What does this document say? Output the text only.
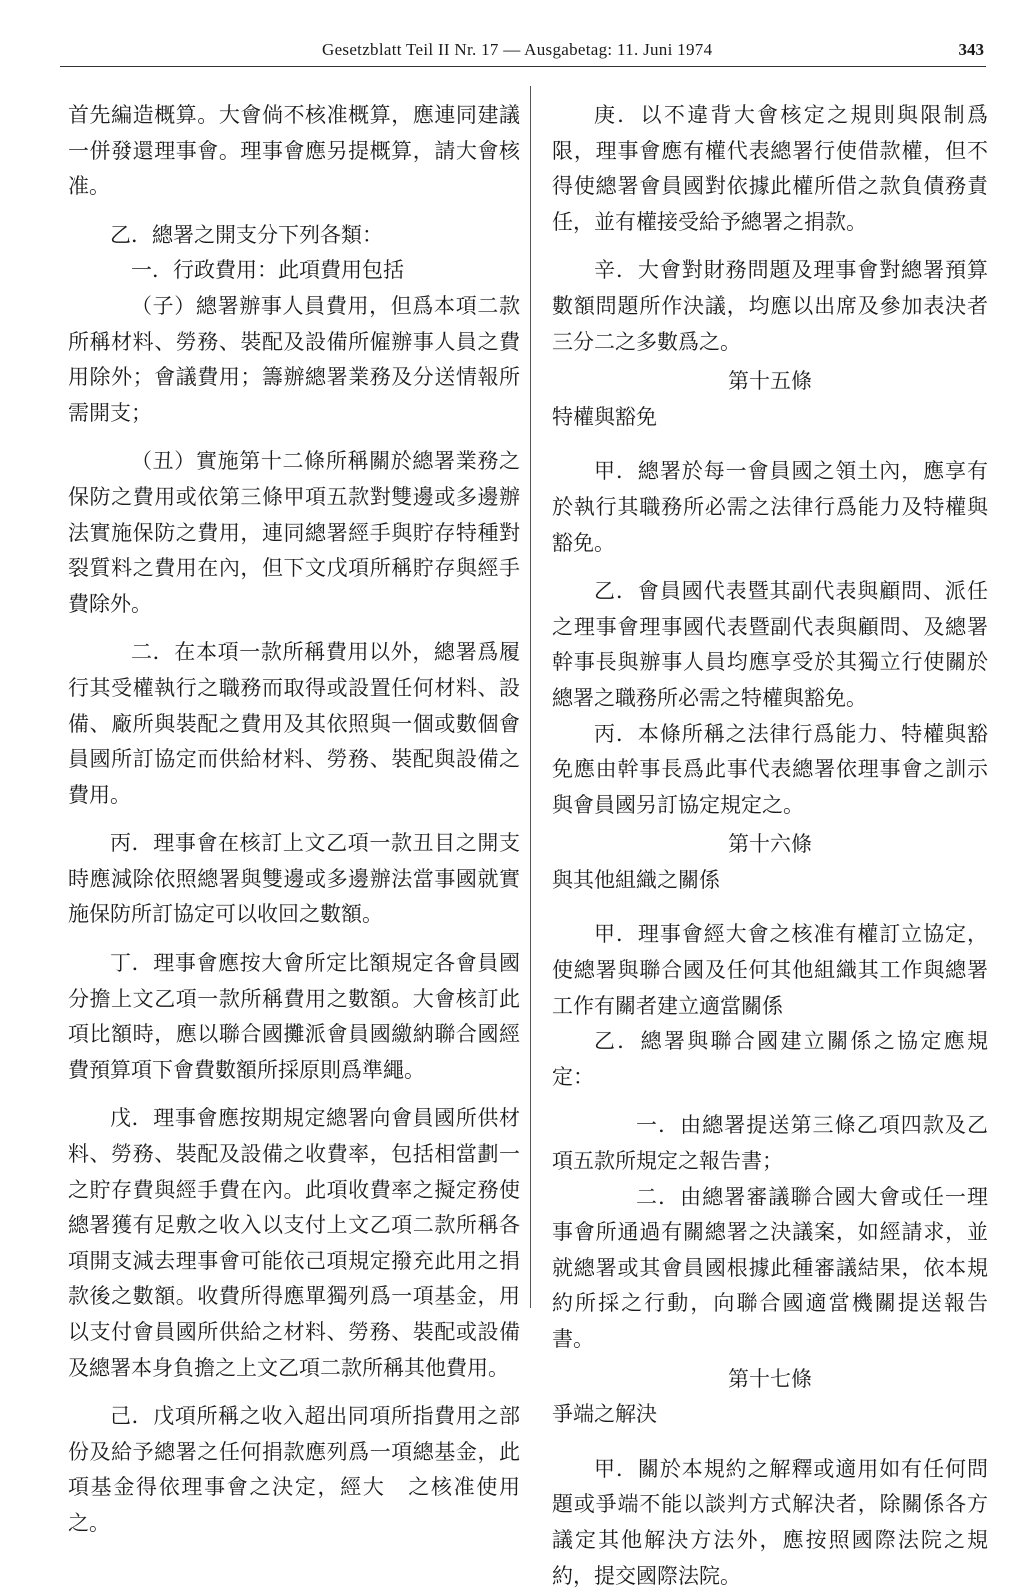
Gesetzblatt Teil II Nr. 17 — Ausgabetag: 11. Juni 1974	343

首先編造概算。大會倘不核准概算，應連同建議一併發還理事會。理事會應另提概算，請大會核准。

乙．總署之開支分下列各類：

一．行政費用：此項費用包括

（子）總署辦事人員費用，但爲本項二款所稱材料、勞務、裝配及設備所僱辦事人員之費用除外；會議費用；籌辦總署業務及分送情報所需開支；

（丑）實施第十二條所稱關於總署業務之保防之費用或依第三條甲項五款對雙邊或多邊辦法實施保防之費用，連同總署經手與貯存特種對裂質料之費用在內，但下文戊項所稱貯存與經手費除外。

二．在本項一款所稱費用以外，總署爲履行其受權執行之職務而取得或設置任何材料、設備、廠所與裝配之費用及其依照與一個或數個會員國所訂協定而供給材料、勞務、裝配與設備之費用。

丙．理事會在核訂上文乙項一款丑目之開支時應減除依照總署與雙邊或多邊辦法當事國就實施保防所訂協定可以收回之數額。

丁．理事會應按大會所定比額規定各會員國分擔上文乙項一款所稱費用之數額。大會核訂此項比額時，應以聯合國攤派會員國繳納聯合國經費預算項下會費數額所採原則爲準繩。

戊．理事會應按期規定總署向會員國所供材料、勞務、裝配及設備之收費率，包括相當劃一之貯存費與經手費在內。此項收費率之擬定務使總署獲有足敷之收入以支付上文乙項二款所稱各項開支減去理事會可能依己項規定撥充此用之捐款後之數額。收費所得應單獨列爲一項基金，用以支付會員國所供給之材料、勞務、裝配或設備及總署本身負擔之上文乙項二款所稱其他費用。

己．戊項所稱之收入超出同項所指費用之部份及給予總署之任何捐款應列爲一項總基金，此項基金得依理事會之決定，經大　之核准使用之。

庚．以不違背大會核定之規則與限制爲限，理事會應有權代表總署行使借款權，但不得使總署會員國對依據此權所借之款負債務責任，並有權接受給予總署之捐款。

辛．大會對財務問題及理事會對總署預算數額問題所作決議，均應以出席及參加表決者三分二之多數爲之。

第十五條

特權與豁免

甲．總署於每一會員國之領土內，應享有於執行其職務所必需之法律行爲能力及特權與豁免。

乙．會員國代表暨其副代表與顧問、派任之理事會理事國代表暨副代表與顧問、及總署幹事長與辦事人員均應享受於其獨立行使關於總署之職務所必需之特權與豁免。

丙．本條所稱之法律行爲能力、特權與豁免應由幹事長爲此事代表總署依理事會之訓示與會員國另訂協定規定之。

第十六條

與其他組織之關係

甲．理事會經大會之核准有權訂立協定，使總署與聯合國及任何其他組織其工作與總署工作有關者建立適當關係

乙．總署與聯合國建立關係之協定應規定：

一．由總署提送第三條乙項四款及乙項五款所規定之報告書；

二．由總署審議聯合國大會或任一理事會所通過有關總署之決議案，如經請求，並就總署或其會員國根據此種審議結果，依本規約所採之行動，向聯合國適當機關提送報告書。

第十七條

爭端之解決

甲．關於本規約之解釋或適用如有任何問題或爭端不能以談判方式解決者，除關係各方議定其他解決方法外，應按照國際法院之規約，提交國際法院。
